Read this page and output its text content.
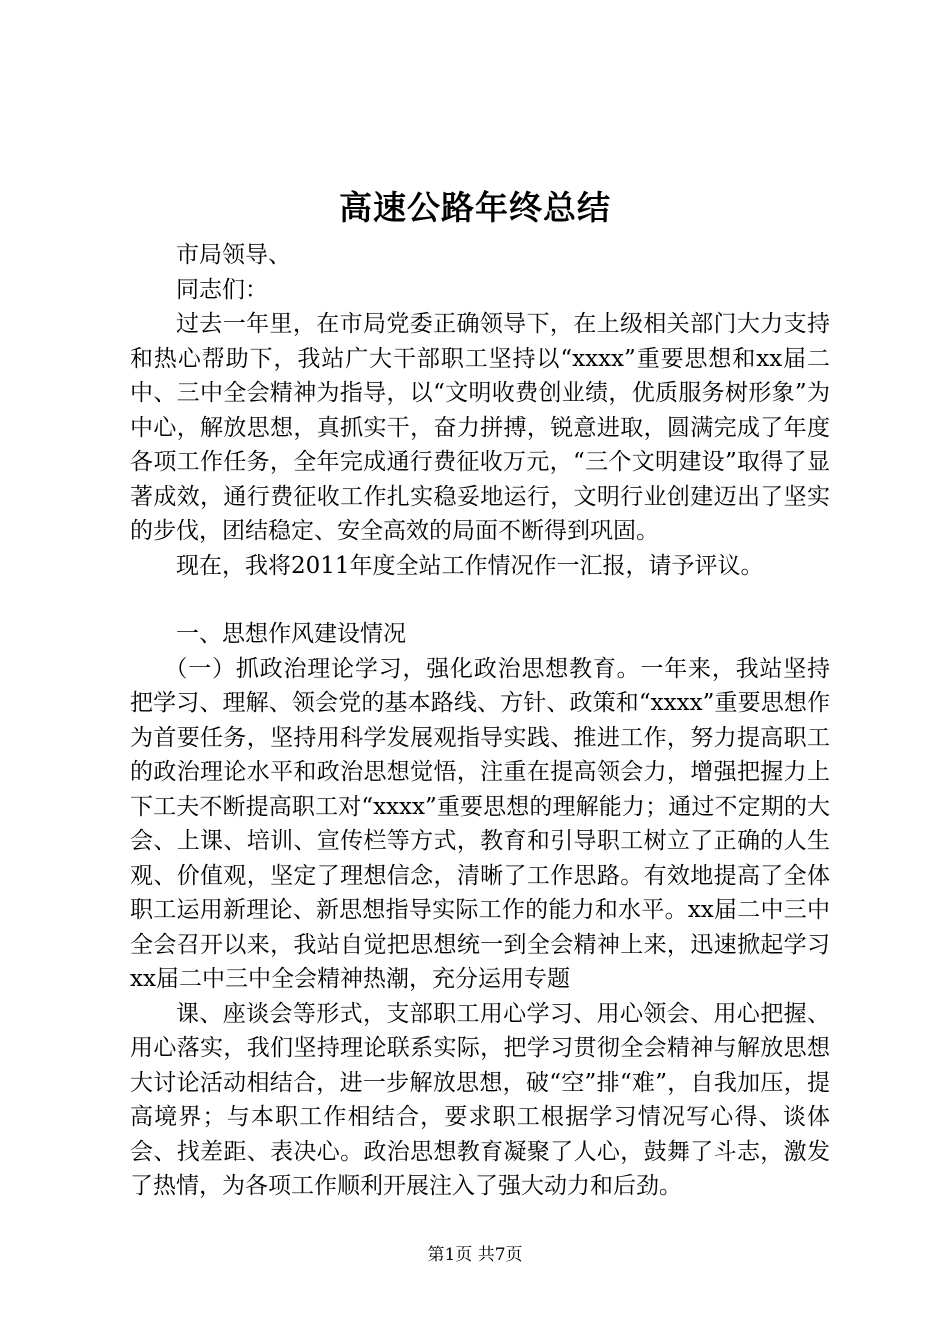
高速公路年终总结

市局领导、

同志们：

过去一年里，在市局党委正确领导下，在上级相关部门大力支持和热心帮助下，我站广大干部职工坚持以“xxxx”重要思想和xx届二中、三中全会精神为指导，以“文明收费创业绩，优质服务树形象”为中心，解放思想，真抓实干，奋力拼搏，锐意进取，圆满完成了年度各项工作任务，全年完成通行费征收万元，“三个文明建设”取得了显著成效，通行费征收工作扎实稳妥地运行，文明行业创建迈出了坚实的步伐，团结稳定、安全高效的局面不断得到巩固。

现在，我将2011年度全站工作情况作一汇报，请予评议。

一、思想作风建设情况

（一）抓政治理论学习，强化政治思想教育。一年来，我站坚持把学习、理解、领会党的基本路线、方针、政策和“xxxx”重要思想作为首要任务，坚持用科学发展观指导实践、推进工作，努力提高职工的政治理论水平和政治思想觉悟，注重在提高领会力，增强把握力上下工夫不断提高职工对“xxxx”重要思想的理解能力；通过不定期的大会、上课、培训、宣传栏等方式，教育和引导职工树立了正确的人生观、价值观，坚定了理想信念，清晰了工作思路。有效地提高了全体职工运用新理论、新思想指导实际工作的能力和水平。xx届二中三中全会召开以来，我站自觉把思想统一到全会精神上来，迅速掀起学习xx届二中三中全会精神热潮，充分运用专题

课、座谈会等形式，支部职工用心学习、用心领会、用心把握、用心落实，我们坚持理论联系实际，把学习贯彻全会精神与解放思想大讨论活动相结合，进一步解放思想，破“空”排“难”，自我加压，提高境界；与本职工作相结合，要求职工根据学习情况写心得、谈体会、找差距、表决心。政治思想教育凝聚了人心，鼓舞了斗志，激发了热情，为各项工作顺利开展注入了强大动力和后劲。

第1页 共7页
